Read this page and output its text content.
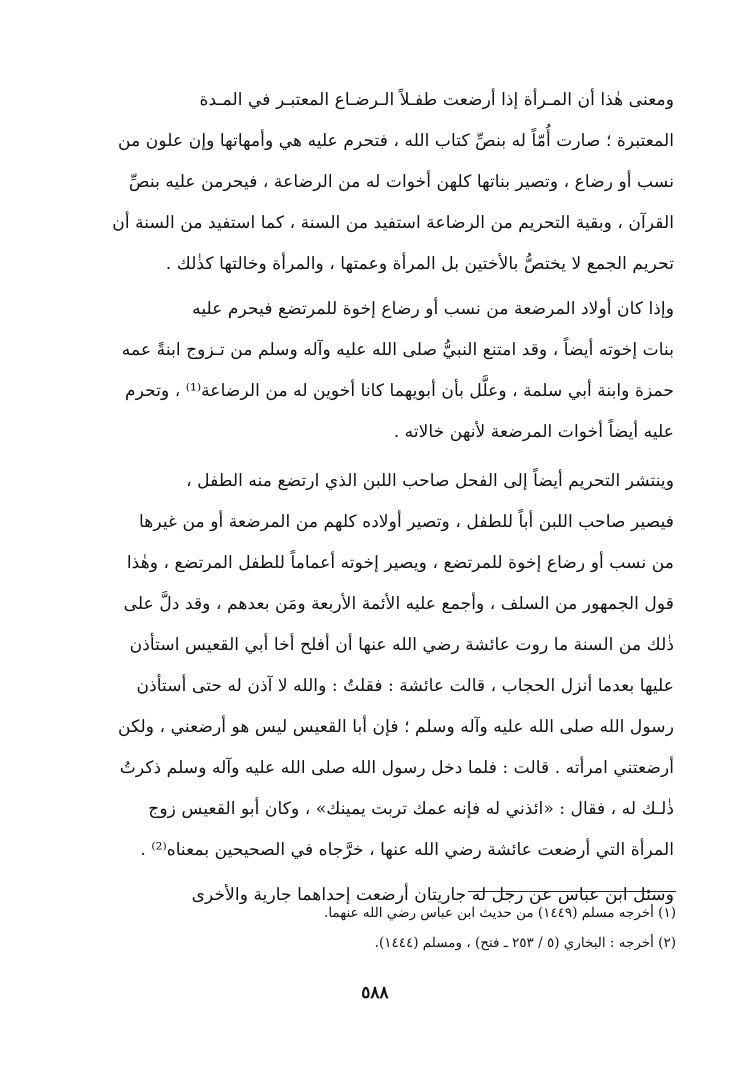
ومعنى هٰذا أن المـرأة إذا أرضعت طفـلاً الـرضـاع المعتبـر في المـدة
المعتبرة ؛ صارت أُمّاً له بنصِّ كتاب الله ، فتحرم عليه هي وأمهاتها وإن علون من
نسب أو رضاع ، وتصير بناتها كلهن أخوات له من الرضاعة ، فيحرمن عليه بنصِّ
القرآن ، وبقية التحريم من الرضاعة استفيد من السنة ، كما استفيد من السنة أن
تحريم الجمع لا يختصُّ بالأختين بل المرأة وعمتها ، والمرأة وخالتها كذٰلك .
وإذا كان أولاد المرضعة من نسب أو رضاع إخوة للمرتضع فيحرم عليه
بنات إخوته أيضاً ، وقد امتنع النبيُّ صلى الله عليه وآله وسلم من تـزوج ابنةً عمه
حمزة وابنة أبي سلمة ، وعلَّل بأن أبويهما كانا أخوين له من الرضاعة⁽¹⁾ ، وتحرم
عليه أيضاً أخوات المرضعة لأنهن خالاته .
وينتشر التحريم أيضاً إلى الفحل صاحب اللبن الذي ارتضع منه الطفل ،
فيصير صاحب اللبن أباً للطفل ، وتصير أولاده كلهم من المرضعة أو من غيرها
من نسب أو رضاع إخوة للمرتضع ، ويصير إخوته أعماماً للطفل المرتضع ، وهٰذا
قول الجمهور من السلف ، وأجمع عليه الأئمة الأربعة ومَن بعدهم ، وقد دلَّ على
ذٰلك من السنة ما روت عائشة رضي الله عنها أن أفلح أخا أبي القعيس استأذن
عليها بعدما أنزل الحجاب ، قالت عائشة : فقلتُ : والله لا آذن له حتى أستأذن
رسول الله صلى الله عليه وآله وسلم ؛ فإن أبا القعيس ليس هو أرضعني ، ولكن
أرضعتني امرأته . قالت : فلما دخل رسول الله صلى الله عليه وآله وسلم ذكرتُ
ذٰلـك له ، فقال : «ائذني له فإنه عمك تربت يمينك» ، وكان أبو القعيس زوج
المرأة التي أرضعت عائشة رضي الله عنها ، خرَّجاه في الصحيحين بمعناه⁽²⁾ .
وسئل ابن عباس عن رجل له جاريتان أرضعت إحداهما جارية والأخرى
(١) أخرجه مسلم (١٤٤٩) من حديث ابن عباس رضي الله عنهما.
(٢) أخرجه : البخاري (٥ / ٢٥٣ ـ فتح) ، ومسلم (١٤٤٤).
٥٨٨
